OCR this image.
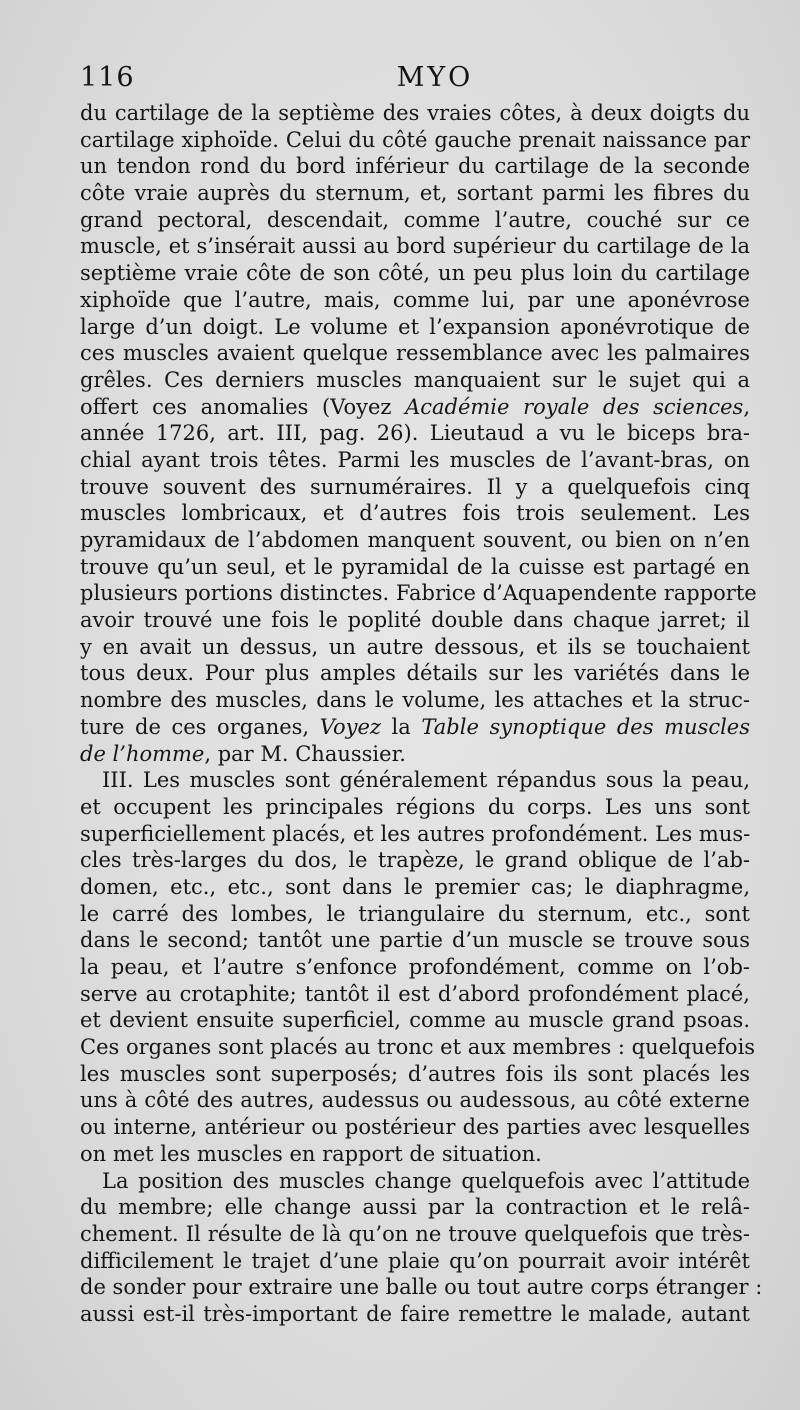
116	MYO
du cartilage de la septième des vraies côtes, à deux doigts du
cartilage xiphoïde. Celui du côté gauche prenait naissance par
un tendon rond du bord inférieur du cartilage de la seconde
côte vraie auprès du sternum, et, sortant parmi les fibres du
grand pectoral, descendait, comme l’autre, couché sur ce
muscle, et s’insérait aussi au bord supérieur du cartilage de la
septième vraie côte de son côté, un peu plus loin du cartilage
xiphoïde que l’autre, mais, comme lui, par une aponévrose
large d’un doigt. Le volume et l’expansion aponévrotique de
ces muscles avaient quelque ressemblance avec les palmaires
grêles. Ces derniers muscles manquaient sur le sujet qui a
offert ces anomalies (Voyez Académie royale des sciences,
année 1726, art. III, pag. 26). Lieutaud a vu le biceps bra-
chial ayant trois têtes. Parmi les muscles de l’avant-bras, on
trouve souvent des surnuméraires. Il y a quelquefois cinq
muscles lombricaux, et d’autres fois trois seulement. Les
pyramidaux de l’abdomen manquent souvent, ou bien on n’en
trouve qu’un seul, et le pyramidal de la cuisse est partagé en
plusieurs portions distinctes. Fabrice d’Aquapendente rapporte
avoir trouvé une fois le poplité double dans chaque jarret; il
y en avait un dessus, un autre dessous, et ils se touchaient
tous deux. Pour plus amples détails sur les variétés dans le
nombre des muscles, dans le volume, les attaches et la struc-
ture de ces organes, Voyez la Table synoptique des muscles
de l’homme, par M. Chaussier.
III. Les muscles sont généralement répandus sous la peau,
et occupent les principales régions du corps. Les uns sont
superficiellement placés, et les autres profondément. Les mus-
cles très-larges du dos, le trapèze, le grand oblique de l’ab-
domen, etc., etc., sont dans le premier cas; le diaphragme,
le carré des lombes, le triangulaire du sternum, etc., sont
dans le second; tantôt une partie d’un muscle se trouve sous
la peau, et l’autre s’enfonce profondément, comme on l’ob-
serve au crotaphite; tantôt il est d’abord profondément placé,
et devient ensuite superficiel, comme au muscle grand psoas.
Ces organes sont placés au tronc et aux membres : quelquefois
les muscles sont superposés; d’autres fois ils sont placés les
uns à côté des autres, audessus ou audessous, au côté externe
ou interne, antérieur ou postérieur des parties avec lesquelles
on met les muscles en rapport de situation.
La position des muscles change quelquefois avec l’attitude
du membre; elle change aussi par la contraction et le relâ-
chement. Il résulte de là qu’on ne trouve quelquefois que très-
difficilement le trajet d’une plaie qu’on pourrait avoir intérêt
de sonder pour extraire une balle ou tout autre corps étranger :
aussi est-il très-important de faire remettre le malade, autant
